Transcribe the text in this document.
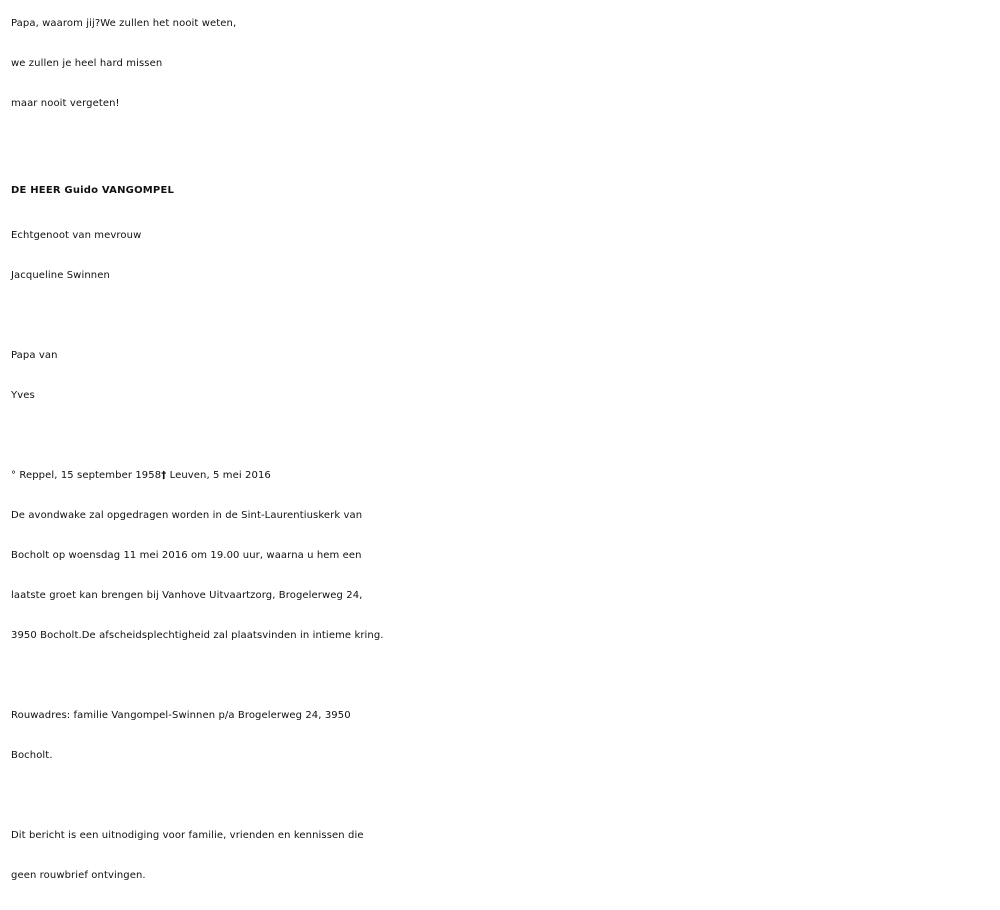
Papa, waarom jij?We zullen het nooit weten,
we zullen je heel hard missen
maar nooit vergeten!
DE HEER Guido VANGOMPEL
Echtgenoot van mevrouw
Jacqueline Swinnen
Papa van
Yves
° Reppel, 15 september 1958† Leuven, 5 mei 2016
De avondwake zal opgedragen worden in de Sint-Laurentiuskerk van
Bocholt op woensdag 11 mei 2016 om 19.00 uur, waarna u hem een
laatste groet kan brengen bij Vanhove Uitvaartzorg, Brogelerweg 24,
3950 Bocholt.De afscheidsplechtigheid zal plaatsvinden in intieme kring.
Rouwadres: familie Vangompel-Swinnen p/a Brogelerweg 24, 3950
Bocholt.
Dit bericht is een uitnodiging voor familie, vrienden en kennissen die
geen rouwbrief ontvingen.
